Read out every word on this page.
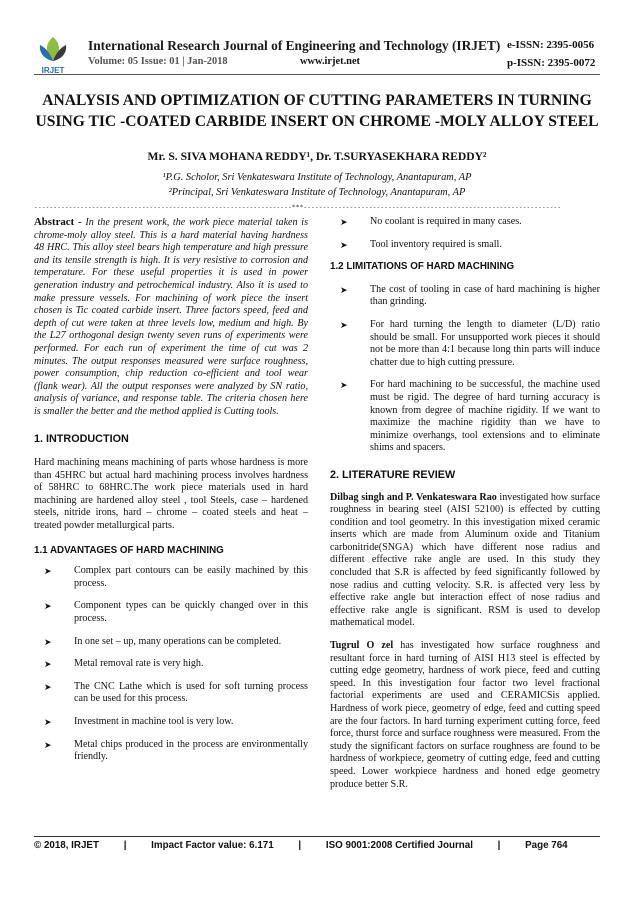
IRJET
International Research Journal of Engineering and Technology (IRJET) e-ISSN: 2395-0056
Volume: 05 Issue: 01 | Jan-2018	www.irjet.net	p-ISSN: 2395-0072
ANALYSIS AND OPTIMIZATION OF CUTTING PARAMETERS IN TURNING
USING TIC -COATED CARBIDE INSERT ON CHROME -MOLY ALLOY STEEL
Mr. S. SIVA MOHANA REDDY¹, Dr. T.SURYASEKHARA REDDY²
¹P.G. Scholor, Sri Venkateswara Institute of Technology, Anantapuram, AP
²Principal, Sri Venkateswara Institute of Technology, Anantapuram, AP
-------------------------------------------------------------------***-------------------------------------------------------------------

Abstract - In the present work, the work piece material taken is chrome-moly alloy steel. This is a hard material having hardness 48 HRC. This alloy steel bears high temperature and high pressure and its tensile strength is high. It is very resistive to corrosion and temperature. For these useful properties it is used in power generation industry and petrochemical industry. Also it is used to make pressure vessels. For machining of work piece the insert chosen is Tic coated carbide insert. Three factors speed, feed and depth of cut were taken at three levels low, medium and high. By the L27 orthogonal design twenty seven runs of experiments were performed. For each run of experiment the time of cut was 2 minutes. The output responses measured were surface roughness, power consumption, chip reduction co-efficient and tool wear (flank wear). All the output responses were analyzed by SN ratio, analysis of variance, and response table. The criteria chosen here is smaller the better and the method applied is Cutting tools.

1. INTRODUCTION

Hard machining means machining of parts whose hardness is more than 45HRC but actual hard machining process involves hardness of 58HRC to 68HRC.The work piece materials used in hard machining are hardened alloy steel , tool Steels, case – hardened steels, nitride irons, hard – chrome – coated steels and heat – treated powder metallurgical parts.

1.1 ADVANTAGES OF HARD MACHINING
➤ Complex part contours can be easily machined by this process.
➤ Component types can be quickly changed over in this process.
➤ In one set – up, many operations can be completed.
➤ Metal removal rate is very high.
➤ The CNC Lathe which is used for soft turning process can be used for this process.
➤ Investment in machine tool is very low.
➤ Metal chips produced in the process are environmentally friendly.
➤ No coolant is required in many cases.
➤ Tool inventory required is small.
1.2 LIMITATIONS OF HARD MACHINING
➤ The cost of tooling in case of hard machining is higher than grinding.
➤ For hard turning the length to diameter (L/D) ratio should be small. For unsupported work pieces it should not be more than 4:1 because long thin parts will induce chatter due to high cutting pressure.
➤ For hard machining to be successful, the machine used must be rigid. The degree of hard turning accuracy is known from degree of machine rigidity. If we want to maximize the machine rigidity than we have to minimize overhangs, tool extensions and to eliminate shims and spacers.
2. LITERATURE REVIEW

Dilbag singh and P. Venkateswara Rao investigated how surface roughness in bearing steel (AISI 52100) is effected by cutting condition and tool geometry. In this investigation mixed ceramic inserts which are made from Aluminum oxide and Titanium carbonitride(SNGA) which have different nose radius and different effective rake angle are used. In this study they concluded that S.R is affected by feed significantly followed by nose radius and cutting velocity. S.R. is affected very less by effective rake angle but interaction effect of nose radius and effective rake angle is significant. RSM is used to develop mathematical model.

Tugrul O zel has investigated how surface roughness and resultant force in hard turning of AISI H13 steel is effected by cutting edge geometry, hardness of work piece, feed and cutting speed. In this investigation four factor two level fractional factorial experiments are used and CERAMICSis applied. Hardness of work piece, geometry of edge, feed and cutting speed are the four factors. In hard turning experiment cutting force, feed force, thurst force and surface roughness were measured. From the study the significant factors on surface roughness are found to be hardness of workpiece, geometry of cutting edge, feed and cutting speed. Lower workpiece hardness and honed edge geometry produce better S.R.

© 2018, IRJET	|	Impact Factor value: 6.171	|	ISO 9001:2008 Certified Journal	|	Page 764
